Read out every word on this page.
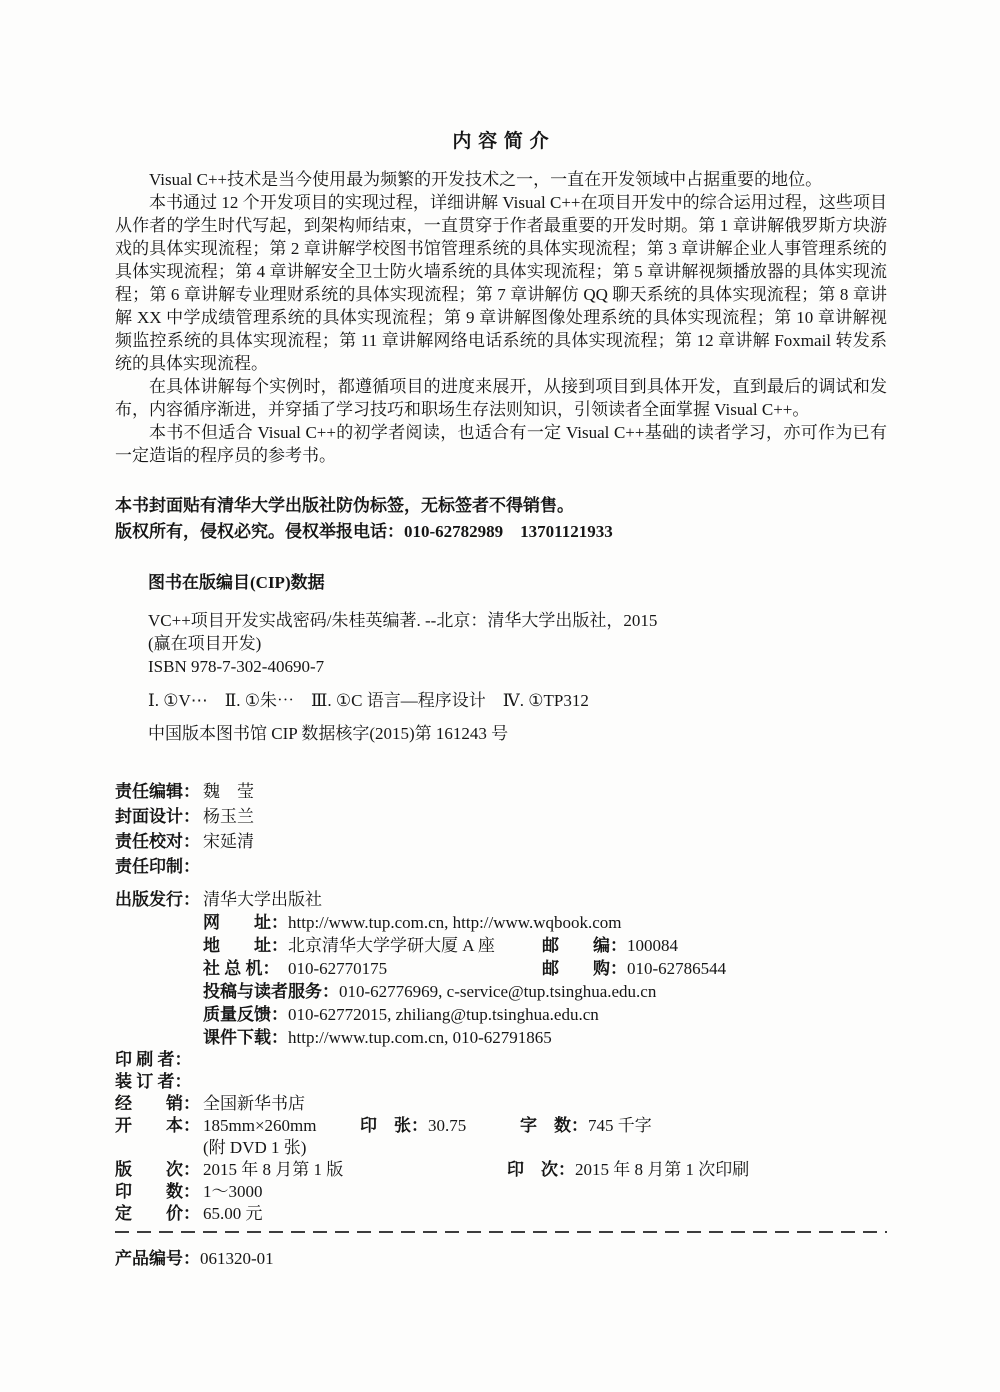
内 容 简 介

Visual C++技术是当今使用最为频繁的开发技术之一，一直在开发领域中占据重要的地位。

本书通过 12 个开发项目的实现过程，详细讲解 Visual C++在项目开发中的综合运用过程，这些项目从作者的学生时代写起，到架构师结束，一直贯穿于作者最重要的开发时期。第 1 章讲解俄罗斯方块游戏的具体实现流程；第 2 章讲解学校图书馆管理系统的具体实现流程；第 3 章讲解企业人事管理系统的具体实现流程；第 4 章讲解安全卫士防火墙系统的具体实现流程；第 5 章讲解视频播放器的具体实现流程；第 6 章讲解专业理财系统的具体实现流程；第 7 章讲解仿 QQ 聊天系统的具体实现流程；第 8 章讲解 XX 中学成绩管理系统的具体实现流程；第 9 章讲解图像处理系统的具体实现流程；第 10 章讲解视频监控系统的具体实现流程；第 11 章讲解网络电话系统的具体实现流程；第 12 章讲解 Foxmail 转发系统的具体实现流程。

在具体讲解每个实例时，都遵循项目的进度来展开，从接到项目到具体开发，直到最后的调试和发布，内容循序渐进，并穿插了学习技巧和职场生存法则知识，引领读者全面掌握 Visual C++。

本书不但适合 Visual C++的初学者阅读，也适合有一定 Visual C++基础的读者学习，亦可作为已有一定造诣的程序员的参考书。

本书封面贴有清华大学出版社防伪标签，无标签者不得销售。

版权所有，侵权必究。侵权举报电话：010-62782989　13701121933

图书在版编目(CIP)数据

VC++项目开发实战密码/朱桂英编著. --北京：清华大学出版社，2015

(赢在项目开发)

ISBN 978-7-302-40690-7

Ⅰ. ①V⋯　Ⅱ. ①朱⋯　Ⅲ. ①C 语言—程序设计　Ⅳ. ①TP312

中国版本图书馆 CIP 数据核字(2015)第 161243 号

责任编辑： 魏　莹

封面设计： 杨玉兰

责任校对： 宋延清

责任印制：

出版发行： 清华大学出版社

网　　址：http://www.tup.com.cn, http://www.wqbook.com

地　　址：北京清华大学学研大厦 A 座	邮　　编：100084

社 总 机： 010-62770175	邮　　购：010-62786544

投稿与读者服务：010-62776969, c-service@tup.tsinghua.edu.cn

质量反馈：010-62772015, zhiliang@tup.tsinghua.edu.cn

课件下载：http://www.tup.com.cn, 010-62791865

印 刷 者：

装 订 者：

经　　销： 全国新华书店

开　　本： 185mm×260mm	印　张：30.75	字　数：745 千字

(附 DVD 1 张)

版　　次： 2015 年 8 月第 1 版	印　次：2015 年 8 月第 1 次印刷

印　　数： 1～3000

定　　价： 65.00 元

产品编号：061320-01
